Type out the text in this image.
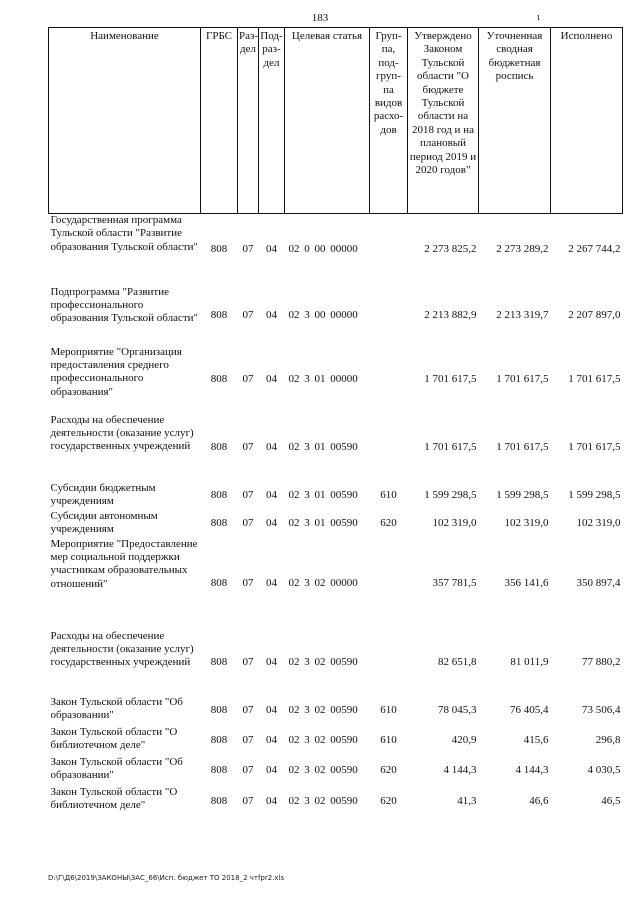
183	ι
Наименование	ГРБС	Раз-дел	Под-раз-дел	Целевая статья	Груп-па, под-груп-па видов расхо-дов	Утверждено Законом Тульской области "О бюджете Тульской области на 2018 год и на плановый период 2019 и 2020 годов"	Уточненная сводная бюджетная роспись	Исполнено
Государственная программа Тульской области "Развитие образования Тульской области"	808	07	04	02 0 00 00000		2 273 825,2	2 273 289,2	2 267 744,2
Подпрограмма "Развитие профессионального образования Тульской области"	808	07	04	02 3 00 00000		2 213 882,9	2 213 319,7	2 207 897,0
Мероприятие "Организация предоставления среднего профессионального образования"	808	07	04	02 3 01 00000		1 701 617,5	1 701 617,5	1 701 617,5
Расходы на обеспечение деятельности (оказание услуг) государственных учреждений	808	07	04	02 3 01 00590		1 701 617,5	1 701 617,5	1 701 617,5
Субсидии бюджетным учреждениям	808	07	04	02 3 01 00590	610	1 599 298,5	1 599 298,5	1 599 298,5
Субсидии автономным учреждениям	808	07	04	02 3 01 00590	620	102 319,0	102 319,0	102 319,0
Мероприятие "Предоставление мер социальной поддержки участникам образовательных отношений"	808	07	04	02 3 02 00000		357 781,5	356 141,6	350 897,4
Расходы на обеспечение деятельности (оказание услуг) государственных учреждений	808	07	04	02 3 02 00590		82 651,8	81 011,9	77 880,2
Закон Тульской области "Об образовании"	808	07	04	02 3 02 00590	610	78 045,3	76 405,4	73 506,4
Закон Тульской области "О библиотечном деле"	808	07	04	02 3 02 00590	610	420,9	415,6	296,8
Закон Тульской области "Об образовании"	808	07	04	02 3 02 00590	620	4 144,3	4 144,3	4 030,5
Закон Тульской области "О библиотечном деле"	808	07	04	02 3 02 00590	620	41,3	46,6	46,5
D:\Г\Д6\2019\ЗАКОНЫ\ЗАС_66\Исп. бюджет ТО 2018_2 чтfpr2.xls
